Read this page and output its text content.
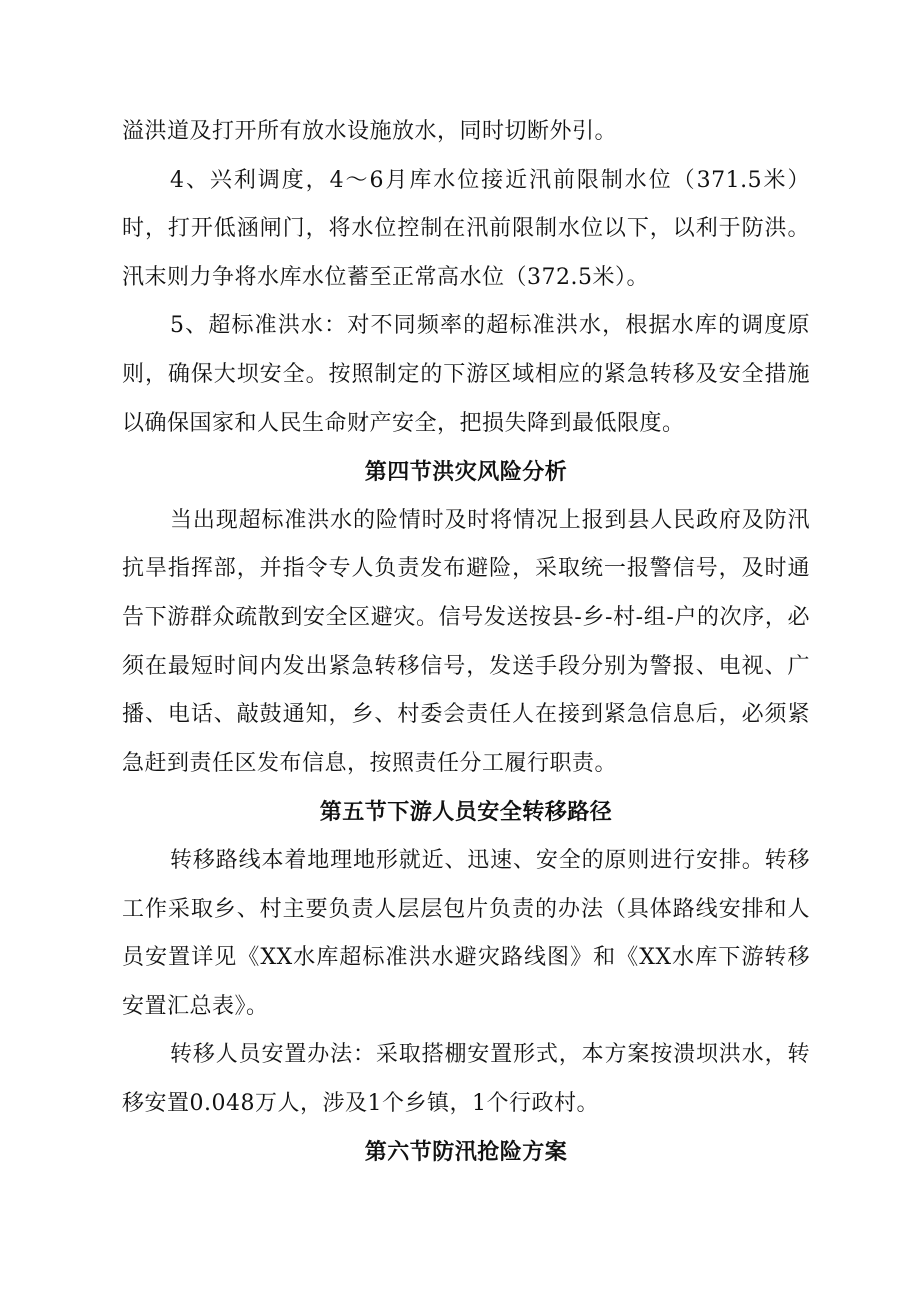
溢洪道及打开所有放水设施放水，同时切断外引。

4、兴利调度，4～6月库水位接近汛前限制水位（371.5米）时，打开低涵闸门，将水位控制在汛前限制水位以下，以利于防洪。汛末则力争将水库水位蓄至正常高水位（372.5米）。

5、超标准洪水：对不同频率的超标准洪水，根据水库的调度原则，确保大坝安全。按照制定的下游区域相应的紧急转移及安全措施以确保国家和人民生命财产安全，把损失降到最低限度。

第四节洪灾风险分析

当出现超标准洪水的险情时及时将情况上报到县人民政府及防汛抗旱指挥部，并指令专人负责发布避险，采取统一报警信号，及时通告下游群众疏散到安全区避灾。信号发送按县-乡-村-组-户的次序，必须在最短时间内发出紧急转移信号，发送手段分别为警报、电视、广播、电话、敲鼓通知，乡、村委会责任人在接到紧急信息后，必须紧急赶到责任区发布信息，按照责任分工履行职责。

第五节下游人员安全转移路径

转移路线本着地理地形就近、迅速、安全的原则进行安排。转移工作采取乡、村主要负责人层层包片负责的办法（具体路线安排和人员安置详见《XX水库超标准洪水避灾路线图》和《XX水库下游转移安置汇总表》。

转移人员安置办法：采取搭棚安置形式，本方案按溃坝洪水，转移安置0.048万人，涉及1个乡镇，1个行政村。

第六节防汛抢险方案
